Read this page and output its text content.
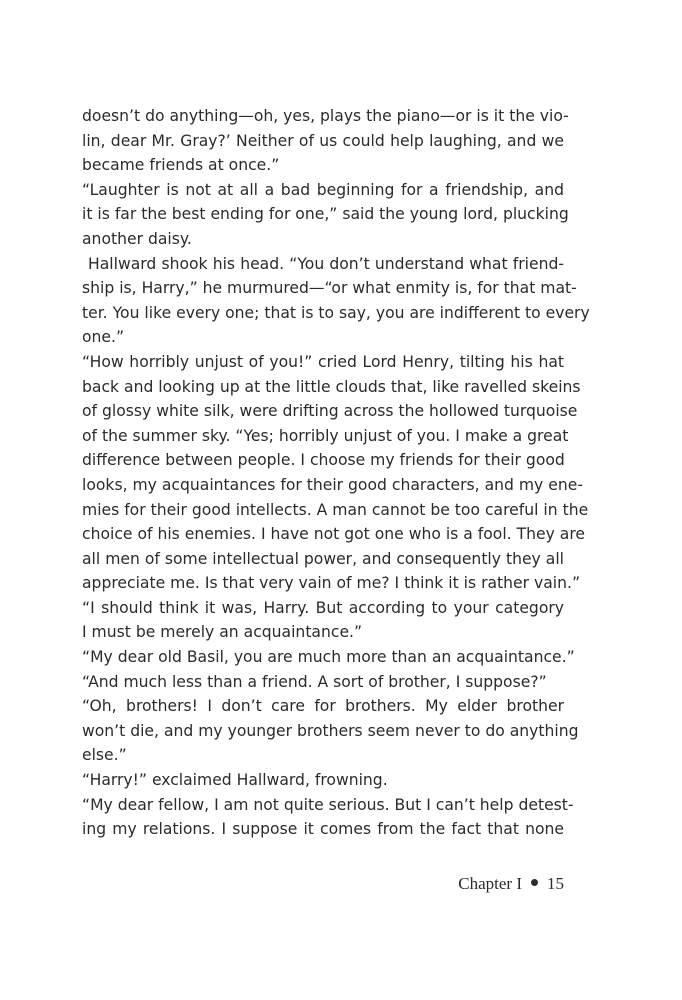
doesn’t do anything—oh, yes, plays the piano—or is it the vio-
lin, dear Mr. Gray?’ Neither of us could help laughing, and we
became friends at once.”
“Laughter is not at all a bad beginning for a friendship, and
it is far the best ending for one,” said the young lord, plucking
another daisy.
Hallward shook his head. “You don’t understand what friend-
ship is, Harry,” he murmured—“or what enmity is, for that mat-
ter. You like every one; that is to say, you are indifferent to every
one.”
“How horribly unjust of you!” cried Lord Henry, tilting his hat
back and looking up at the little clouds that, like ravelled skeins
of glossy white silk, were drifting across the hollowed turquoise
of the summer sky. “Yes; horribly unjust of you. I make a great
difference between people. I choose my friends for their good
looks, my acquaintances for their good characters, and my ene-
mies for their good intellects. A man cannot be too careful in the
choice of his enemies. I have not got one who is a fool. They are
all men of some intellectual power, and consequently they all
appreciate me. Is that very vain of me? I think it is rather vain.”
“I should think it was, Harry. But according to your category
I must be merely an acquaintance.”
“My dear old Basil, you are much more than an acquaintance.”
“And much less than a friend. A sort of brother, I suppose?”
“Oh, brothers! I don’t care for brothers. My elder brother
won’t die, and my younger brothers seem never to do anything
else.”
“Harry!” exclaimed Hallward, frowning.
“My dear fellow, I am not quite serious. But I can’t help detest-
ing my relations. I suppose it comes from the fact that none
Chapter I 15
